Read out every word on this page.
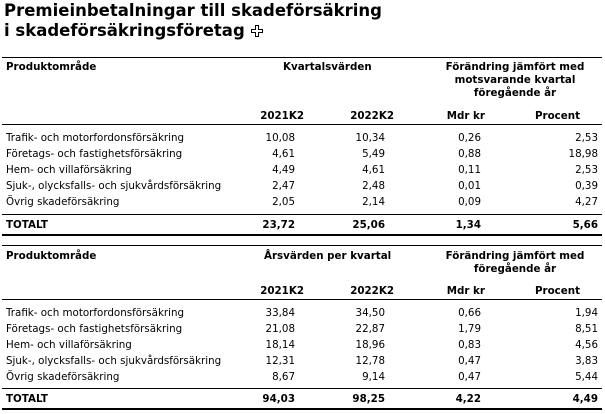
Premieinbetalningar till skadeförsäkring
i skadeförsäkringsföretag
Produktområde	Kvartalsvärden	Förändring jämfört med
motsvarande kvartal
föregående år
2021K2	2022K2	Mdr kr	Procent
Trafik- och motorfordonsförsäkring	10,08	10,34	0,26	2,53
Företags- och fastighetsförsäkring	4,61	5,49	0,88	18,98
Hem- och villaförsäkring	4,49	4,61	0,11	2,53
Sjuk-, olycksfalls- och sjukvårdsförsäkring	2,47	2,48	0,01	0,39
Övrig skadeförsäkring	2,05	2,14	0,09	4,27
TOTALT	23,72	25,06	1,34	5,66
Produktområde	Årsvärden per kvartal	Förändring jämfört med
föregående år
2021K2	2022K2	Mdr kr	Procent
Trafik- och motorfordonsförsäkring	33,84	34,50	0,66	1,94
Företags- och fastighetsförsäkring	21,08	22,87	1,79	8,51
Hem- och villaförsäkring	18,14	18,96	0,83	4,56
Sjuk-, olycksfalls- och sjukvårdsförsäkring	12,31	12,78	0,47	3,83
Övrig skadeförsäkring	8,67	9,14	0,47	5,44
TOTALT	94,03	98,25	4,22	4,49
